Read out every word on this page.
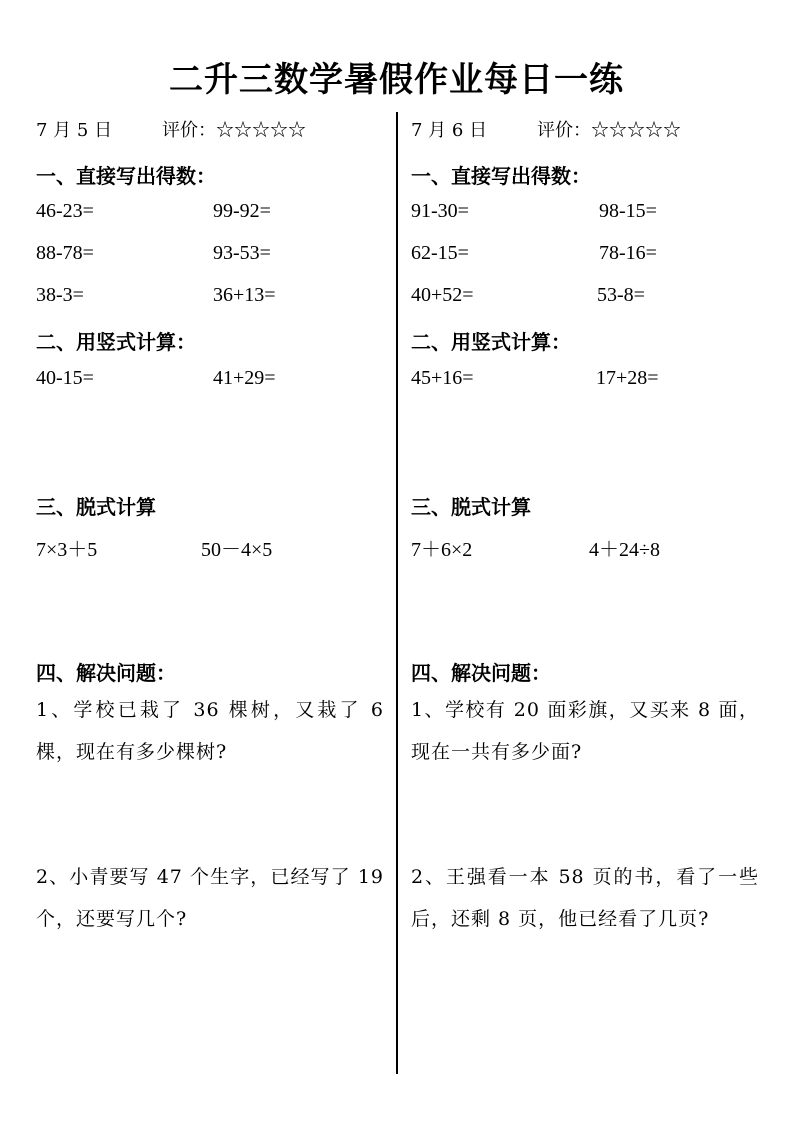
二升三数学暑假作业每日一练
7 月 5 日	评价：☆☆☆☆☆
一、直接写出得数：
46-23=	99-92=
88-78=	93-53=
38-3=	36+13=
二、用竖式计算：
40-15=	41+29=
三、脱式计算
7×3＋5	50－4×5
四、解决问题：
1、学校已栽了 36 棵树，又栽了 6 棵，现在有多少棵树?
2、小青要写 47 个生字，已经写了 19 个，还要写几个?
7 月 6 日	评价：☆☆☆☆☆
一、直接写出得数：
91-30=	98-15=
62-15=	78-16=
40+52=	53-8=
二、用竖式计算：
45+16=	17+28=
三、脱式计算
7＋6×2	4＋24÷8
四、解决问题：
1、学校有 20 面彩旗，又买来 8 面，现在一共有多少面?
2、王强看一本 58 页的书，看了一些后，还剩 8 页，他已经看了几页?
